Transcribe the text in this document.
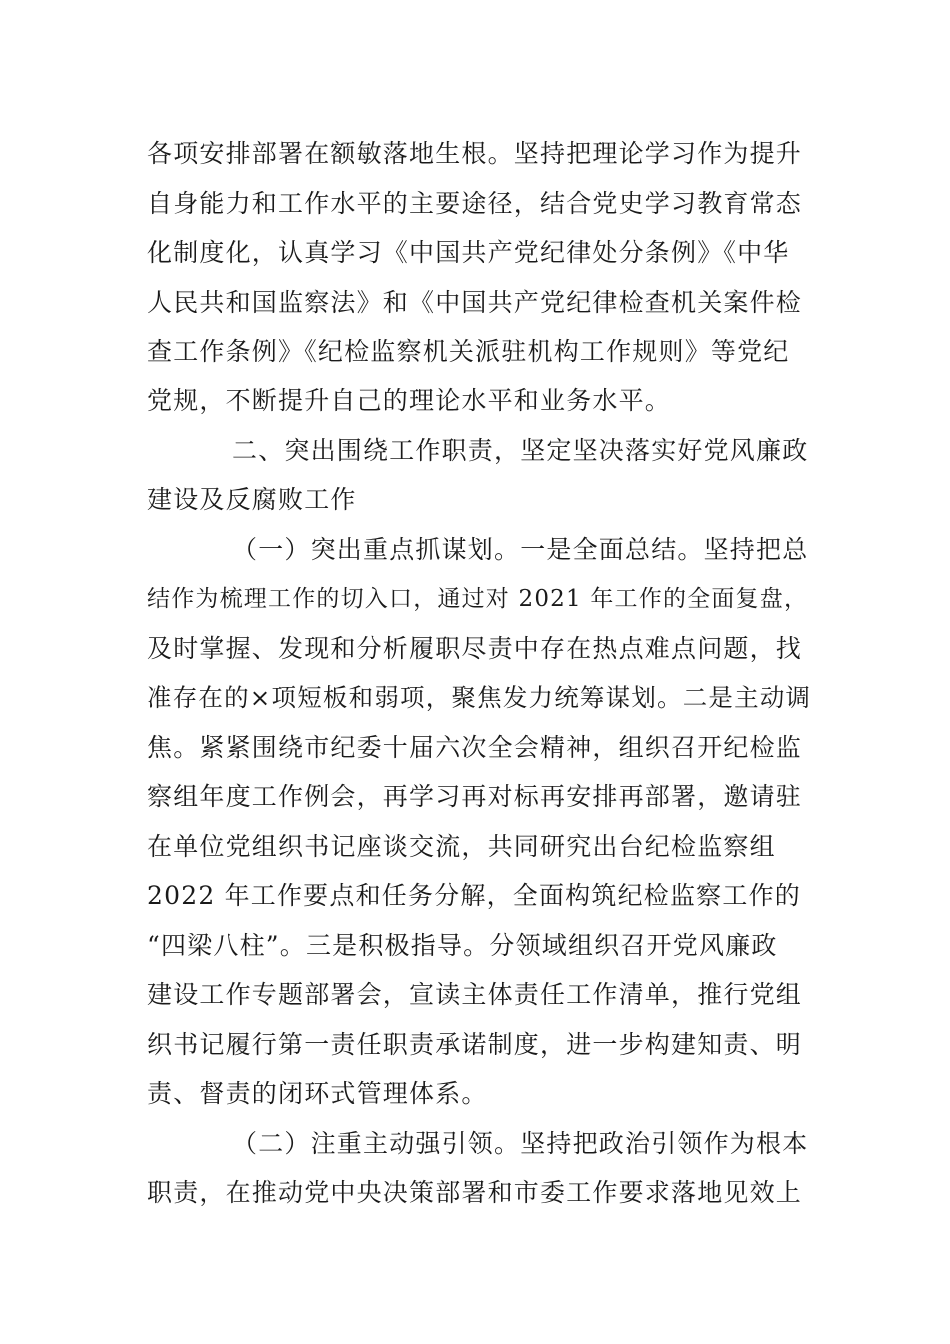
各项安排部署在额敏落地生根。坚持把理论学习作为提升

自身能力和工作水平的主要途径，结合党史学习教育常态

化制度化，认真学习《中国共产党纪律处分条例》《中华

人民共和国监察法》和《中国共产党纪律检查机关案件检

查工作条例》《纪检监察机关派驻机构工作规则》等党纪

党规，不断提升自己的理论水平和业务水平。

二、突出围绕工作职责，坚定坚决落实好党风廉政

建设及反腐败工作

（一）突出重点抓谋划。一是全面总结。坚持把总

结作为梳理工作的切入口，通过对 2021 年工作的全面复盘，

及时掌握、发现和分析履职尽责中存在热点难点问题，找

准存在的×项短板和弱项，聚焦发力统筹谋划。二是主动调

焦。紧紧围绕市纪委十届六次全会精神，组织召开纪检监

察组年度工作例会，再学习再对标再安排再部署，邀请驻

在单位党组织书记座谈交流，共同研究出台纪检监察组

2022 年工作要点和任务分解，全面构筑纪检监察工作的

“四梁八柱”。三是积极指导。分领域组织召开党风廉政

建设工作专题部署会，宣读主体责任工作清单，推行党组

织书记履行第一责任职责承诺制度，进一步构建知责、明

责、督责的闭环式管理体系。

（二）注重主动强引领。坚持把政治引领作为根本

职责，在推动党中央决策部署和市委工作要求落地见效上
